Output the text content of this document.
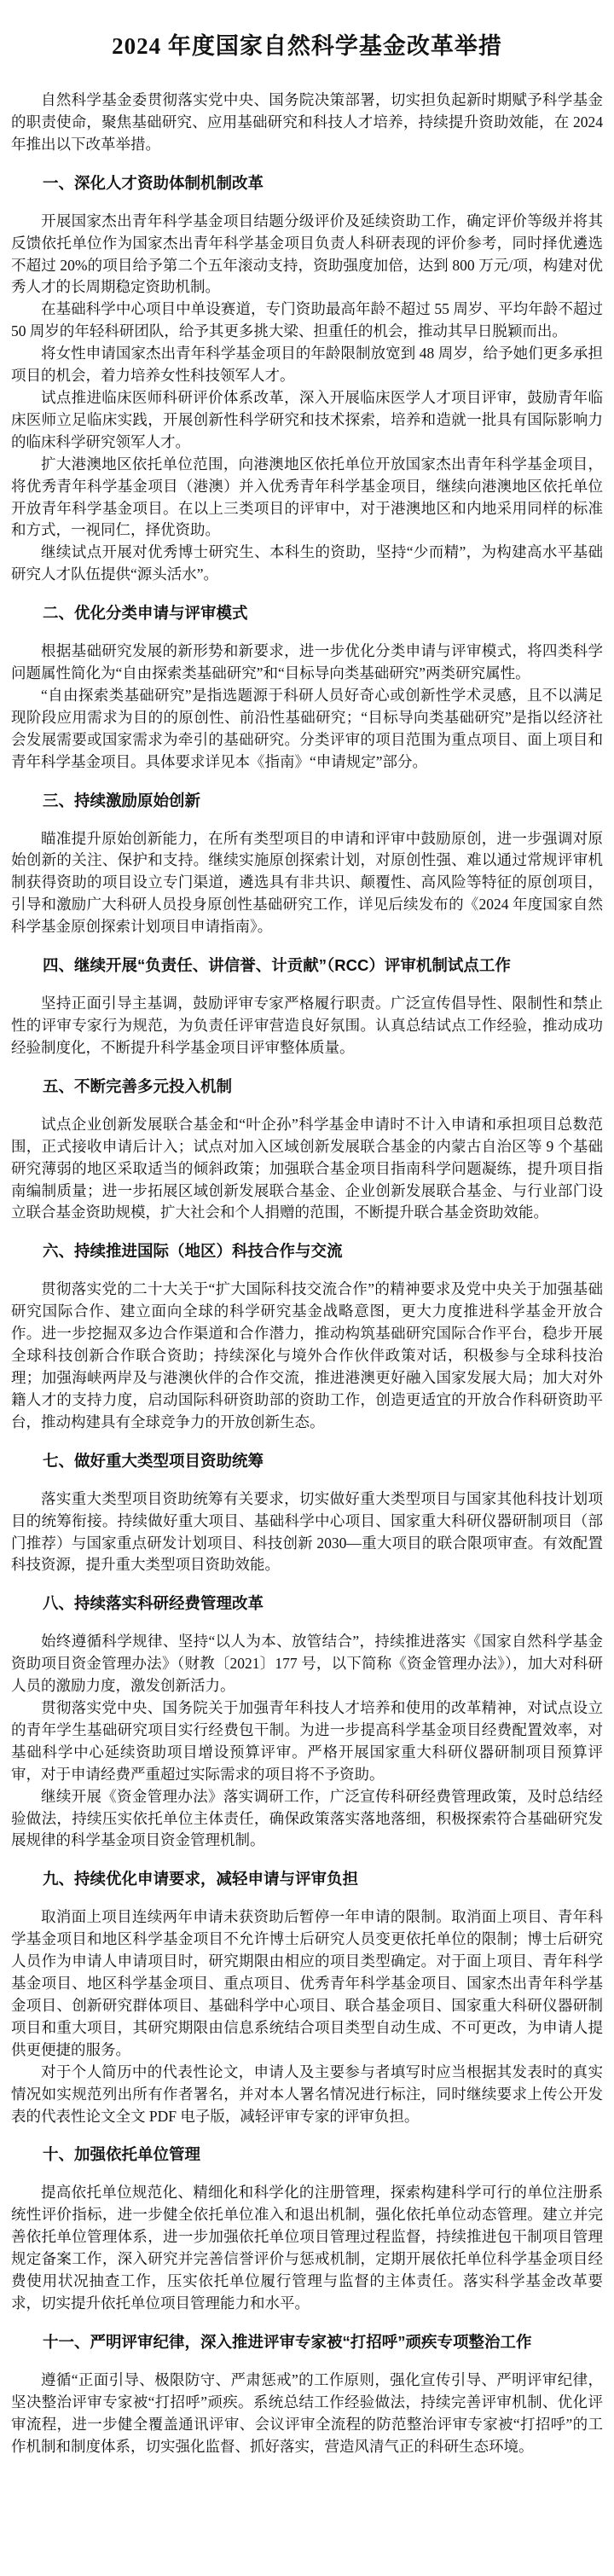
2024 年度国家自然科学基金改革举措

自然科学基金委贯彻落实党中央、国务院决策部署，切实担负起新时期赋予科学基金的职责使命，聚焦基础研究、应用基础研究和科技人才培养，持续提升资助效能，在 2024 年推出以下改革举措。

一、深化人才资助体制机制改革

开展国家杰出青年科学基金项目结题分级评价及延续资助工作，确定评价等级并将其反馈依托单位作为国家杰出青年科学基金项目负责人科研表现的评价参考，同时择优遴选不超过 20%的项目给予第二个五年滚动支持，资助强度加倍，达到 800 万元/项，构建对优秀人才的长周期稳定资助机制。

在基础科学中心项目中单设赛道，专门资助最高年龄不超过 55 周岁、平均年龄不超过 50 周岁的年轻科研团队，给予其更多挑大梁、担重任的机会，推动其早日脱颖而出。

将女性申请国家杰出青年科学基金项目的年龄限制放宽到 48 周岁，给予她们更多承担项目的机会，着力培养女性科技领军人才。

试点推进临床医师科研评价体系改革，深入开展临床医学人才项目评审，鼓励青年临床医师立足临床实践，开展创新性科学研究和技术探索，培养和造就一批具有国际影响力的临床科学研究领军人才。

扩大港澳地区依托单位范围，向港澳地区依托单位开放国家杰出青年科学基金项目，将优秀青年科学基金项目（港澳）并入优秀青年科学基金项目，继续向港澳地区依托单位开放青年科学基金项目。在以上三类项目的评审中，对于港澳地区和内地采用同样的标准和方式，一视同仁，择优资助。

继续试点开展对优秀博士研究生、本科生的资助，坚持“少而精”，为构建高水平基础研究人才队伍提供“源头活水”。

二、优化分类申请与评审模式

根据基础研究发展的新形势和新要求，进一步优化分类申请与评审模式，将四类科学问题属性简化为“自由探索类基础研究”和“目标导向类基础研究”两类研究属性。

“自由探索类基础研究”是指选题源于科研人员好奇心或创新性学术灵感，且不以满足现阶段应用需求为目的的原创性、前沿性基础研究；“目标导向类基础研究”是指以经济社会发展需要或国家需求为牵引的基础研究。分类评审的项目范围为重点项目、面上项目和青年科学基金项目。具体要求详见本《指南》“申请规定”部分。

三、持续激励原始创新

瞄准提升原始创新能力，在所有类型项目的申请和评审中鼓励原创，进一步强调对原始创新的关注、保护和支持。继续实施原创探索计划，对原创性强、难以通过常规评审机制获得资助的项目设立专门渠道，遴选具有非共识、颠覆性、高风险等特征的原创项目，引导和激励广大科研人员投身原创性基础研究工作，详见后续发布的《2024 年度国家自然科学基金原创探索计划项目申请指南》。

四、继续开展“负责任、讲信誉、计贡献”（RCC）评审机制试点工作

坚持正面引导主基调，鼓励评审专家严格履行职责。广泛宣传倡导性、限制性和禁止性的评审专家行为规范，为负责任评审营造良好氛围。认真总结试点工作经验，推动成功经验制度化，不断提升科学基金项目评审整体质量。

五、不断完善多元投入机制

试点企业创新发展联合基金和“叶企孙”科学基金申请时不计入申请和承担项目总数范围，正式接收申请后计入；试点对加入区域创新发展联合基金的内蒙古自治区等 9 个基础研究薄弱的地区采取适当的倾斜政策；加强联合基金项目指南科学问题凝练，提升项目指南编制质量；进一步拓展区域创新发展联合基金、企业创新发展联合基金、与行业部门设立联合基金资助规模，扩大社会和个人捐赠的范围，不断提升联合基金资助效能。

六、持续推进国际（地区）科技合作与交流

贯彻落实党的二十大关于“扩大国际科技交流合作”的精神要求及党中央关于加强基础研究国际合作、建立面向全球的科学研究基金战略意图，更大力度推进科学基金开放合作。进一步挖掘双多边合作渠道和合作潜力，推动构筑基础研究国际合作平台，稳步开展全球科技创新合作联合资助；持续深化与境外合作伙伴政策对话，积极参与全球科技治理；加强海峡两岸及与港澳伙伴的合作交流，推进港澳更好融入国家发展大局；加大对外籍人才的支持力度，启动国际科研资助部的资助工作，创造更适宜的开放合作科研资助平台，推动构建具有全球竞争力的开放创新生态。

七、做好重大类型项目资助统筹

落实重大类型项目资助统筹有关要求，切实做好重大类型项目与国家其他科技计划项目的统筹衔接。持续做好重大项目、基础科学中心项目、国家重大科研仪器研制项目（部门推荐）与国家重点研发计划项目、科技创新 2030—重大项目的联合限项审查。有效配置科技资源，提升重大类型项目资助效能。

八、持续落实科研经费管理改革

始终遵循科学规律、坚持“以人为本、放管结合”，持续推进落实《国家自然科学基金资助项目资金管理办法》（财教〔2021〕177 号，以下简称《资金管理办法》），加大对科研人员的激励力度，激发创新活力。

贯彻落实党中央、国务院关于加强青年科技人才培养和使用的改革精神，对试点设立的青年学生基础研究项目实行经费包干制。为进一步提高科学基金项目经费配置效率，对基础科学中心延续资助项目增设预算评审。严格开展国家重大科研仪器研制项目预算评审，对于申请经费严重超过实际需求的项目将不予资助。

继续开展《资金管理办法》落实调研工作，广泛宣传科研经费管理政策，及时总结经验做法，持续压实依托单位主体责任，确保政策落实落地落细，积极探索符合基础研究发展规律的科学基金项目资金管理机制。

九、持续优化申请要求，减轻申请与评审负担

取消面上项目连续两年申请未获资助后暂停一年申请的限制。取消面上项目、青年科学基金项目和地区科学基金项目不允许博士后研究人员变更依托单位的限制；博士后研究人员作为申请人申请项目时，研究期限由相应的项目类型确定。对于面上项目、青年科学基金项目、地区科学基金项目、重点项目、优秀青年科学基金项目、国家杰出青年科学基金项目、创新研究群体项目、基础科学中心项目、联合基金项目、国家重大科研仪器研制项目和重大项目，其研究期限由信息系统结合项目类型自动生成、不可更改，为申请人提供更便捷的服务。

对于个人简历中的代表性论文，申请人及主要参与者填写时应当根据其发表时的真实情况如实规范列出所有作者署名，并对本人署名情况进行标注，同时继续要求上传公开发表的代表性论文全文 PDF 电子版，减轻评审专家的评审负担。

十、加强依托单位管理

提高依托单位规范化、精细化和科学化的注册管理，探索构建科学可行的单位注册系统性评价指标，进一步健全依托单位准入和退出机制，强化依托单位动态管理。建立并完善依托单位管理体系，进一步加强依托单位项目管理过程监督，持续推进包干制项目管理规定备案工作，深入研究并完善信誉评价与惩戒机制，定期开展依托单位科学基金项目经费使用状况抽查工作，压实依托单位履行管理与监督的主体责任。落实科学基金改革要求，切实提升依托单位项目管理能力和水平。

十一、严明评审纪律，深入推进评审专家被“打招呼”顽疾专项整治工作

遵循“正面引导、极限防守、严肃惩戒”的工作原则，强化宣传引导、严明评审纪律，坚决整治评审专家被“打招呼”顽疾。系统总结工作经验做法，持续完善评审机制、优化评审流程，进一步健全覆盖通讯评审、会议评审全流程的防范整治评审专家被“打招呼”的工作机制和制度体系，切实强化监督、抓好落实，营造风清气正的科研生态环境。
